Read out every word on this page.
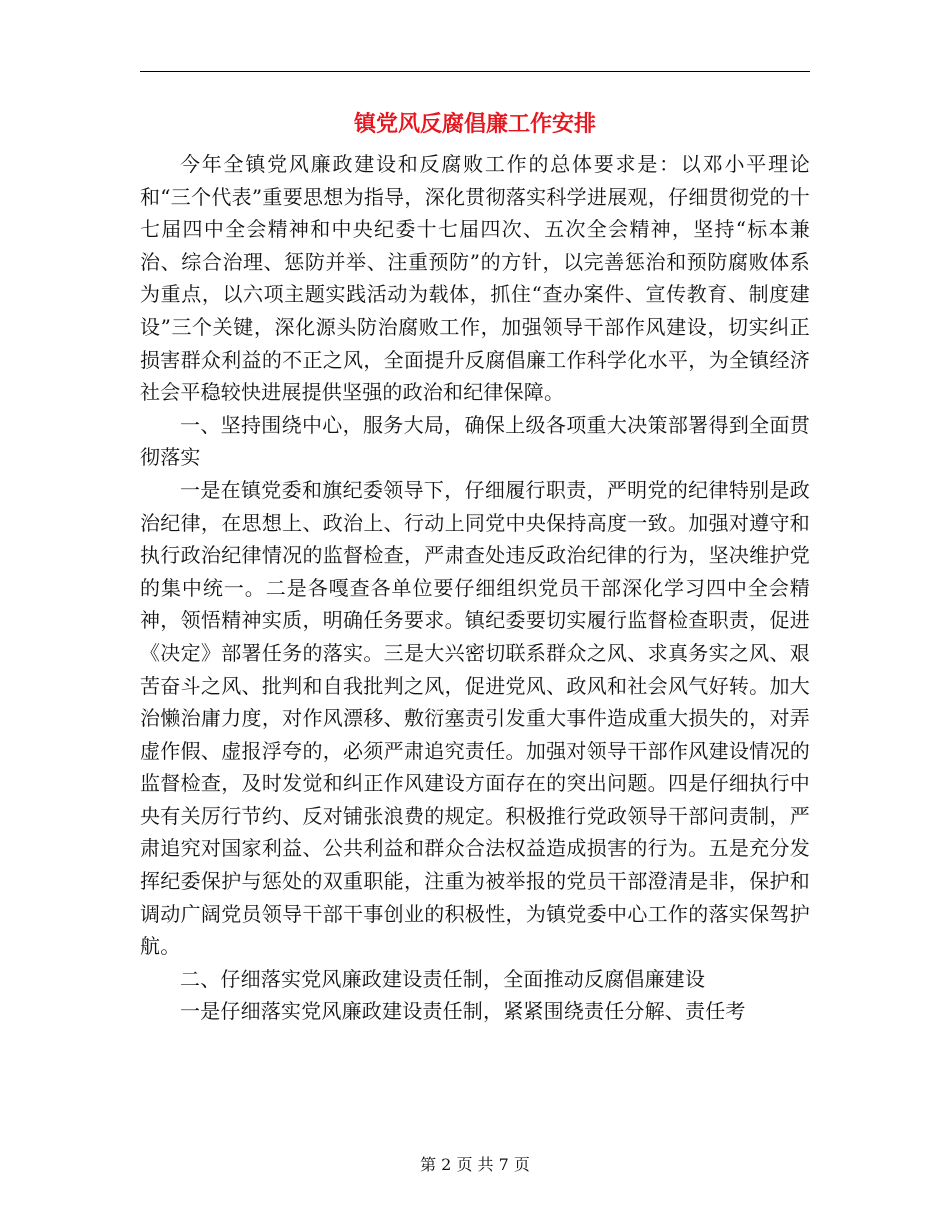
镇党风反腐倡廉工作安排

今年全镇党风廉政建设和反腐败工作的总体要求是：以邓小平理论和“三个代表”重要思想为指导，深化贯彻落实科学进展观，仔细贯彻党的十七届四中全会精神和中央纪委十七届四次、五次全会精神，坚持“标本兼治、综合治理、惩防并举、注重预防”的方针，以完善惩治和预防腐败体系为重点，以六项主题实践活动为载体，抓住“查办案件、宣传教育、制度建设”三个关键，深化源头防治腐败工作，加强领导干部作风建设，切实纠正损害群众利益的不正之风，全面提升反腐倡廉工作科学化水平，为全镇经济社会平稳较快进展提供坚强的政治和纪律保障。

一、坚持围绕中心，服务大局，确保上级各项重大决策部署得到全面贯彻落实

一是在镇党委和旗纪委领导下，仔细履行职责，严明党的纪律特别是政治纪律，在思想上、政治上、行动上同党中央保持高度一致。加强对遵守和执行政治纪律情况的监督检查，严肃查处违反政治纪律的行为，坚决维护党的集中统一。二是各嘎查各单位要仔细组织党员干部深化学习四中全会精神，领悟精神实质，明确任务要求。镇纪委要切实履行监督检查职责，促进《决定》部署任务的落实。三是大兴密切联系群众之风、求真务实之风、艰苦奋斗之风、批判和自我批判之风，促进党风、政风和社会风气好转。加大治懒治庸力度，对作风漂移、敷衍塞责引发重大事件造成重大损失的，对弄虚作假、虚报浮夸的，必须严肃追究责任。加强对领导干部作风建设情况的监督检查，及时发觉和纠正作风建设方面存在的突出问题。四是仔细执行中央有关厉行节约、反对铺张浪费的规定。积极推行党政领导干部问责制，严肃追究对国家利益、公共利益和群众合法权益造成损害的行为。五是充分发挥纪委保护与惩处的双重职能，注重为被举报的党员干部澄清是非，保护和调动广阔党员领导干部干事创业的积极性，为镇党委中心工作的落实保驾护航。

二、仔细落实党风廉政建设责任制，全面推动反腐倡廉建设

一是仔细落实党风廉政建设责任制，紧紧围绕责任分解、责任考

第 2 页 共 7 页
